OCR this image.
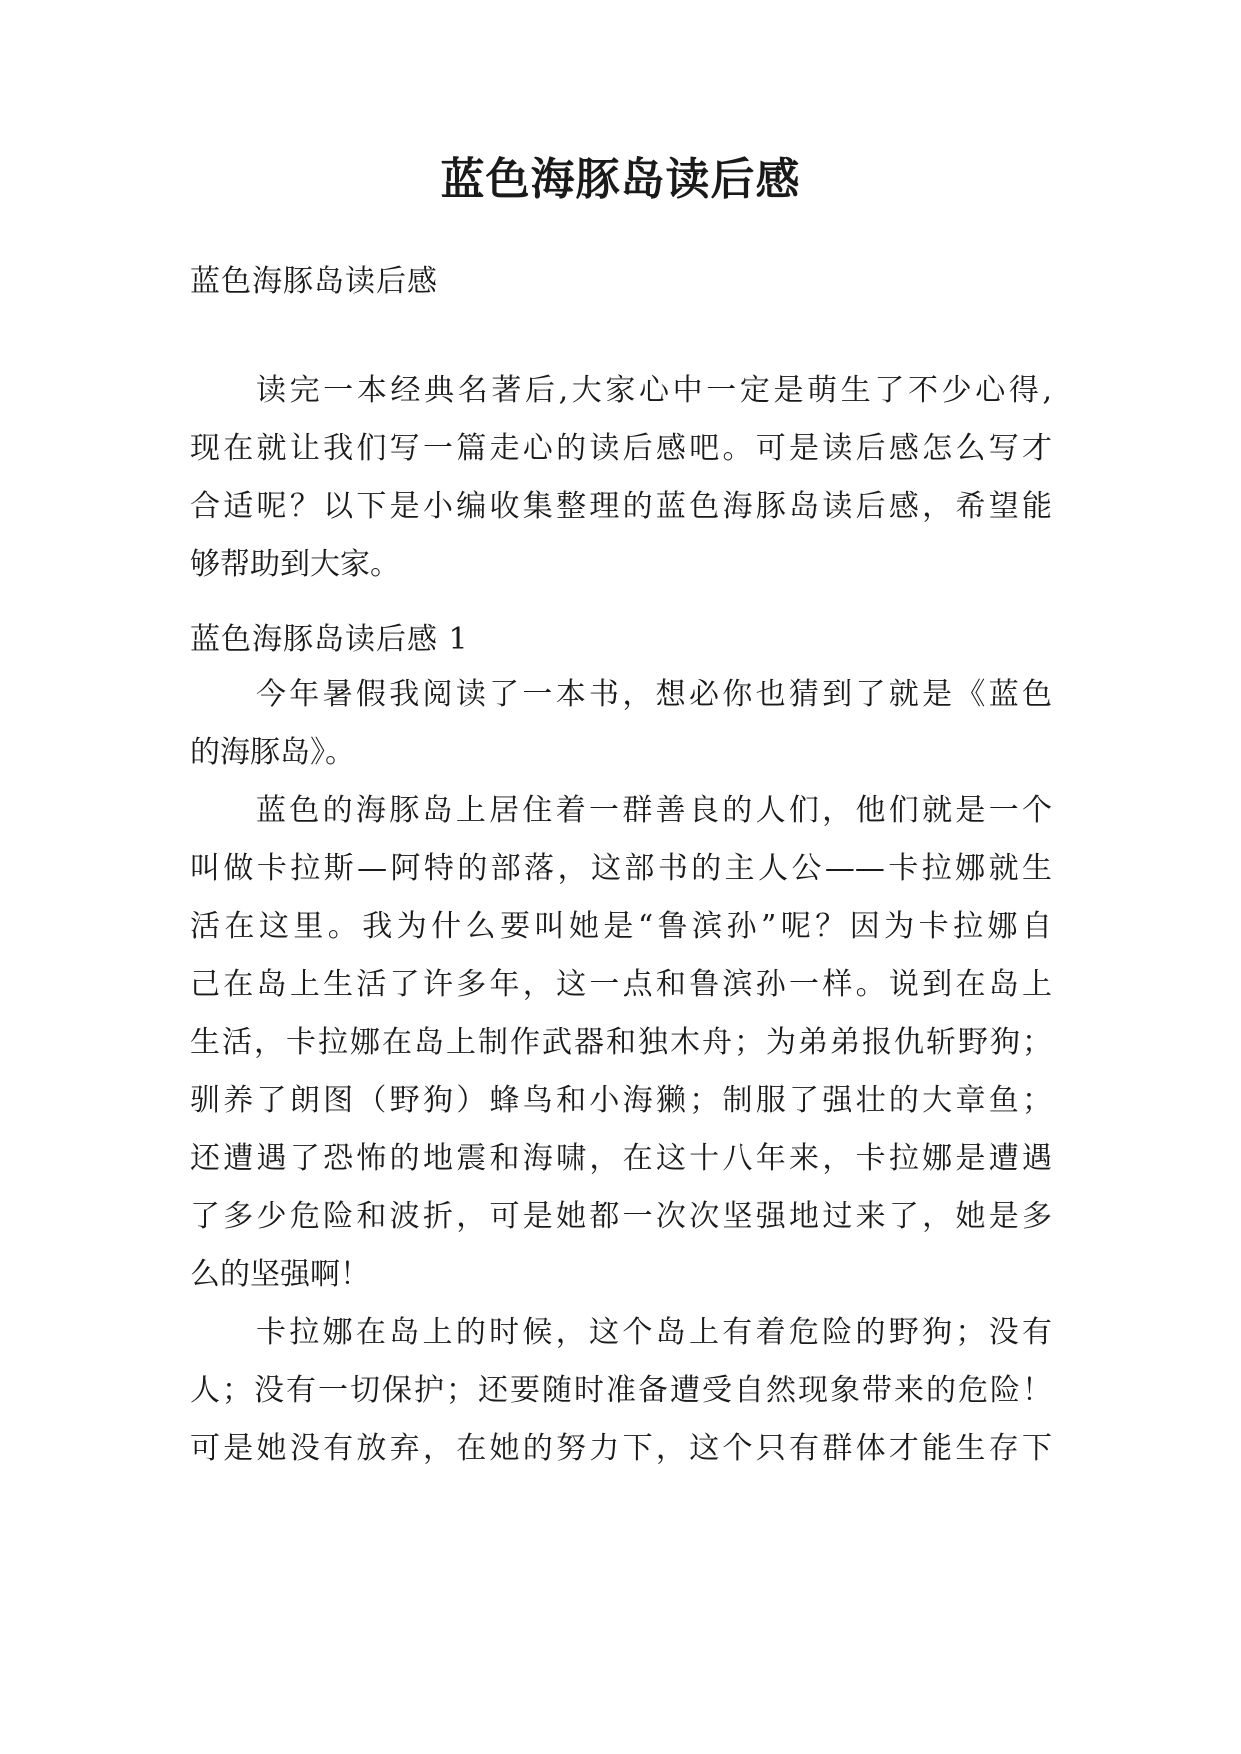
蓝色海豚岛读后感
蓝色海豚岛读后感
读完一本经典名著后,大家心中一定是萌生了不少心得,
现在就让我们写一篇走心的读后感吧。可是读后感怎么写才
合适呢？以下是小编收集整理的蓝色海豚岛读后感，希望能
够帮助到大家。
蓝色海豚岛读后感 1
今年暑假我阅读了一本书，想必你也猜到了就是《蓝色
的海豚岛》。
蓝色的海豚岛上居住着一群善良的人们，他们就是一个
叫做卡拉斯—阿特的部落，这部书的主人公——卡拉娜就生
活在这里。我为什么要叫她是“鲁滨孙”呢？因为卡拉娜自
己在岛上生活了许多年，这一点和鲁滨孙一样。说到在岛上
生活，卡拉娜在岛上制作武器和独木舟；为弟弟报仇斩野狗；
驯养了朗图（野狗）蜂鸟和小海獭；制服了强壮的大章鱼；
还遭遇了恐怖的地震和海啸，在这十八年来，卡拉娜是遭遇
了多少危险和波折，可是她都一次次坚强地过来了，她是多
么的坚强啊！
卡拉娜在岛上的时候，这个岛上有着危险的野狗；没有
人；没有一切保护；还要随时准备遭受自然现象带来的危险！
可是她没有放弃，在她的努力下，这个只有群体才能生存下
